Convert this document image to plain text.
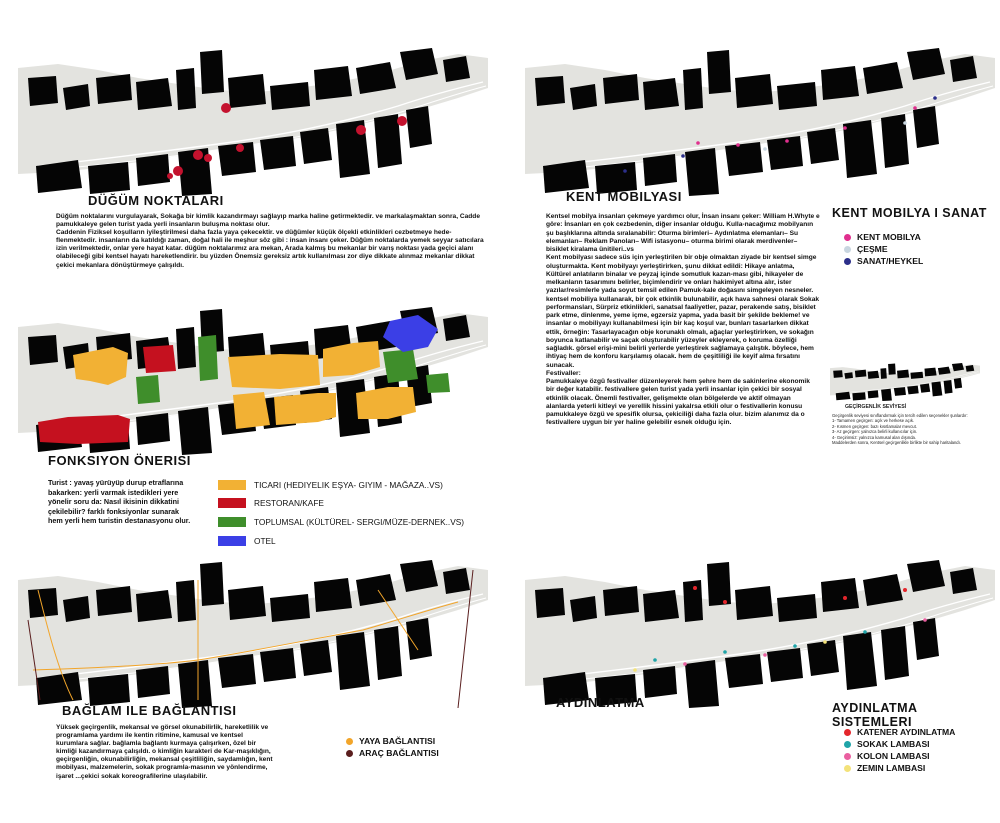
DÜĞÜM NOKTALARI
Düğüm noktalarını vurgulayarak, Sokağa bir kimlik kazandırmayı sağlayıp marka haline getirmektedir. ve markalaşmaktan sonra, Cadde pamukkaleye gelen turist yada yerli insanların buluşma noktası olur.
Caddenin Fiziksel koşulların iyileştirilmesi daha fazla yaya çekecektir. ve düğümler küçük ölçekli etkinlikleri cezbetmeye hede-flenmektedir. insanların da katıldığı zaman, doğal hali ile meşhur söz gibi : insan insanı çeker. Düğüm noktalarda yemek seyyar satıcılara izin verilmektedir, onlar yere hayat katar. düğüm noktalarımız ara mekan, Arada kalmış bu mekanlar bir varış noktası yada geçici alanı olabileceği gibi kentsel hayatı hareketlendirir. bu yüzden Önemsiz gereksiz artık kullanılması zor diye dikkate alınmaz mekanlar dikkat çekici mekanlara dönüştürmeye çalışıldı.
KENT MOBILYASI
Kentsel mobilya insanları çekmeye yardımcı olur, İnsan insanı çeker: William H.Whyte e göre: İnsanları en çok cezbedenin, diğer insanlar olduğu. Kulla-nacağımız mobilyanın şu başlıklarına altında sıralanabilir: Oturma birimleri– Aydınlatma elemanları– Su elemanları– Reklam Panoları– Wifi istasyonu– oturma birimi olarak merdivenler– bisiklet kiralama ünitileri..vs
Kent mobilyası sadece süs için yerleştirilen bir obje olmaktan ziyade bir kentsel simge oluşturmakta. Kent mobilyayı yerleştirirken, şunu dikkat edildi: Hikaye anlatma, Kültürel anlatıların binalar ve peyzaj içinde somutluk kazan-ması gibi, hikayeler de melkanların tasarımını belirler, biçimlendirir ve onları hakimiyet altına alır, ister yazılar/resimlerle yada soyut temsil edilen Pamuk-kale doğasını simgeleyen nesneler.
kentsel mobiliya kullanarak, bir çok etkinlik bulunabilir, açık hava sahnesi olarak Sokak performansları, Sürpriz etkinlikleri, sanatsal faaliyetler, pazar, perakende satış, bisiklet park etme, dinlenme, yeme içme, egzersiz yapma, yada basit bir şekilde bekleme! ve insanlar o mobiliyayı kullanabilmesi için bir kaç koşul var, bunları tasarlarken dikkat ettik, örneğin: Tasarlayacağın obje korunaklı olmalı, ağaçlar yerleştirirken, ve sokağın boyunca katlanabilir ve saçak oluşturabilir yüzeyler ekleyerek, o koruma özelliği sağladık. görsel erişi-mini belirli yerlerde yerleştirek sağlamaya çalıştık. böylece, hem ihtiyaç hem de konforu karşılamış olacak. hem de çeşitliliği ile keyif alma fırsatını sunacak.
Festivaller:
Pamukkaleye özgü festivaller düzenleyerek hem şehre hem de sakinlerine ekonomik bir değer katabilir. festivallere gelen turist yada yerli insanlar için çekici bir sosyal etkinlik olacak. Önemli festivaller, gelişmekte olan bölgelerde ve aktif olmayan alanlarda yeterli kitleyi ve yerellik hissini yakalrsa etkili olur o festivallerin konusu pamukkaleye özgü ve spesifik olursa, çekiciliği daha fazla olur. bizim alanımız da o festivallere uygun bir yer haline gelebilir esnek olduğu için.
KENT MOBILYA I SANAT
KENT MOBILYA
ÇEŞME
SANAT/HEYKEL
GEÇİRGENLİK SEVİYESİ
Geçirgenlik seviyesi sınıflandırmak için tercih edilen seçenekler şunlardır:
1- Tamamen geçirgen: açık ve herkese açık.
2- Kısmen geçirgen: bazı kısıtlamalar mevcut.
3- Az geçirgen: yalnızca belirli kullanıcılar için.
4- Geçirimsiz: yalnızca kamusal alan dışında.
Maddelerden sonra, Kentsel geçirgenlikle birlikte bir sahip haritalandı.
FONKSIYON ÖNERISI
Turist : yavaş yürüyüp durup etraflarına
bakarken: yerli varmak istedikleri yere
yönelir soru da: Nasıl ikisinin dikkatini
çekilebilir? farklı fonksiyonlar sunarak
hem yerli hem turistin destanasyonu olur.
TICARI (HEDIYELIK EŞYA- GIYIM - MAĞAZA..VS)
RESTORAN/KAFE
TOPLUMSAL (KÜLTÜREL- SERGI/MÜZE-DERNEK..VS)
OTEL
BAĞLAM ILE BAĞLANTISI
Yüksek geçirgenlik, mekansal ve görsel okunabilirlik, hareketlilik ve programlama yardımı ile kentin ritimine, kamusal ve kentsel kurumlara sağlar. bağlamla bağlantı kurmaya çalışırken, özel bir kimliği kazandırmaya çalışıldı. o kimliğin karakteri de Kar-maşıklığın, geçirgenliğin, okunabilirliğin, mekansal çeşitliliğin, saydamlığın, kent mobilyası, malzemelerin, sokak programla-masının ve yönlendirme, işaret ...çekici sokak koreografilerine ulaşılabilir.
YAYA BAĞLANTISI
ARAÇ BAĞLANTISI
AYDINLATMA	AYDINLATMA SISTEMLERI
KATENER AYDINLATMA
SOKAK LAMBASI
KOLON LAMBASI
ZEMIN LAMBASI
